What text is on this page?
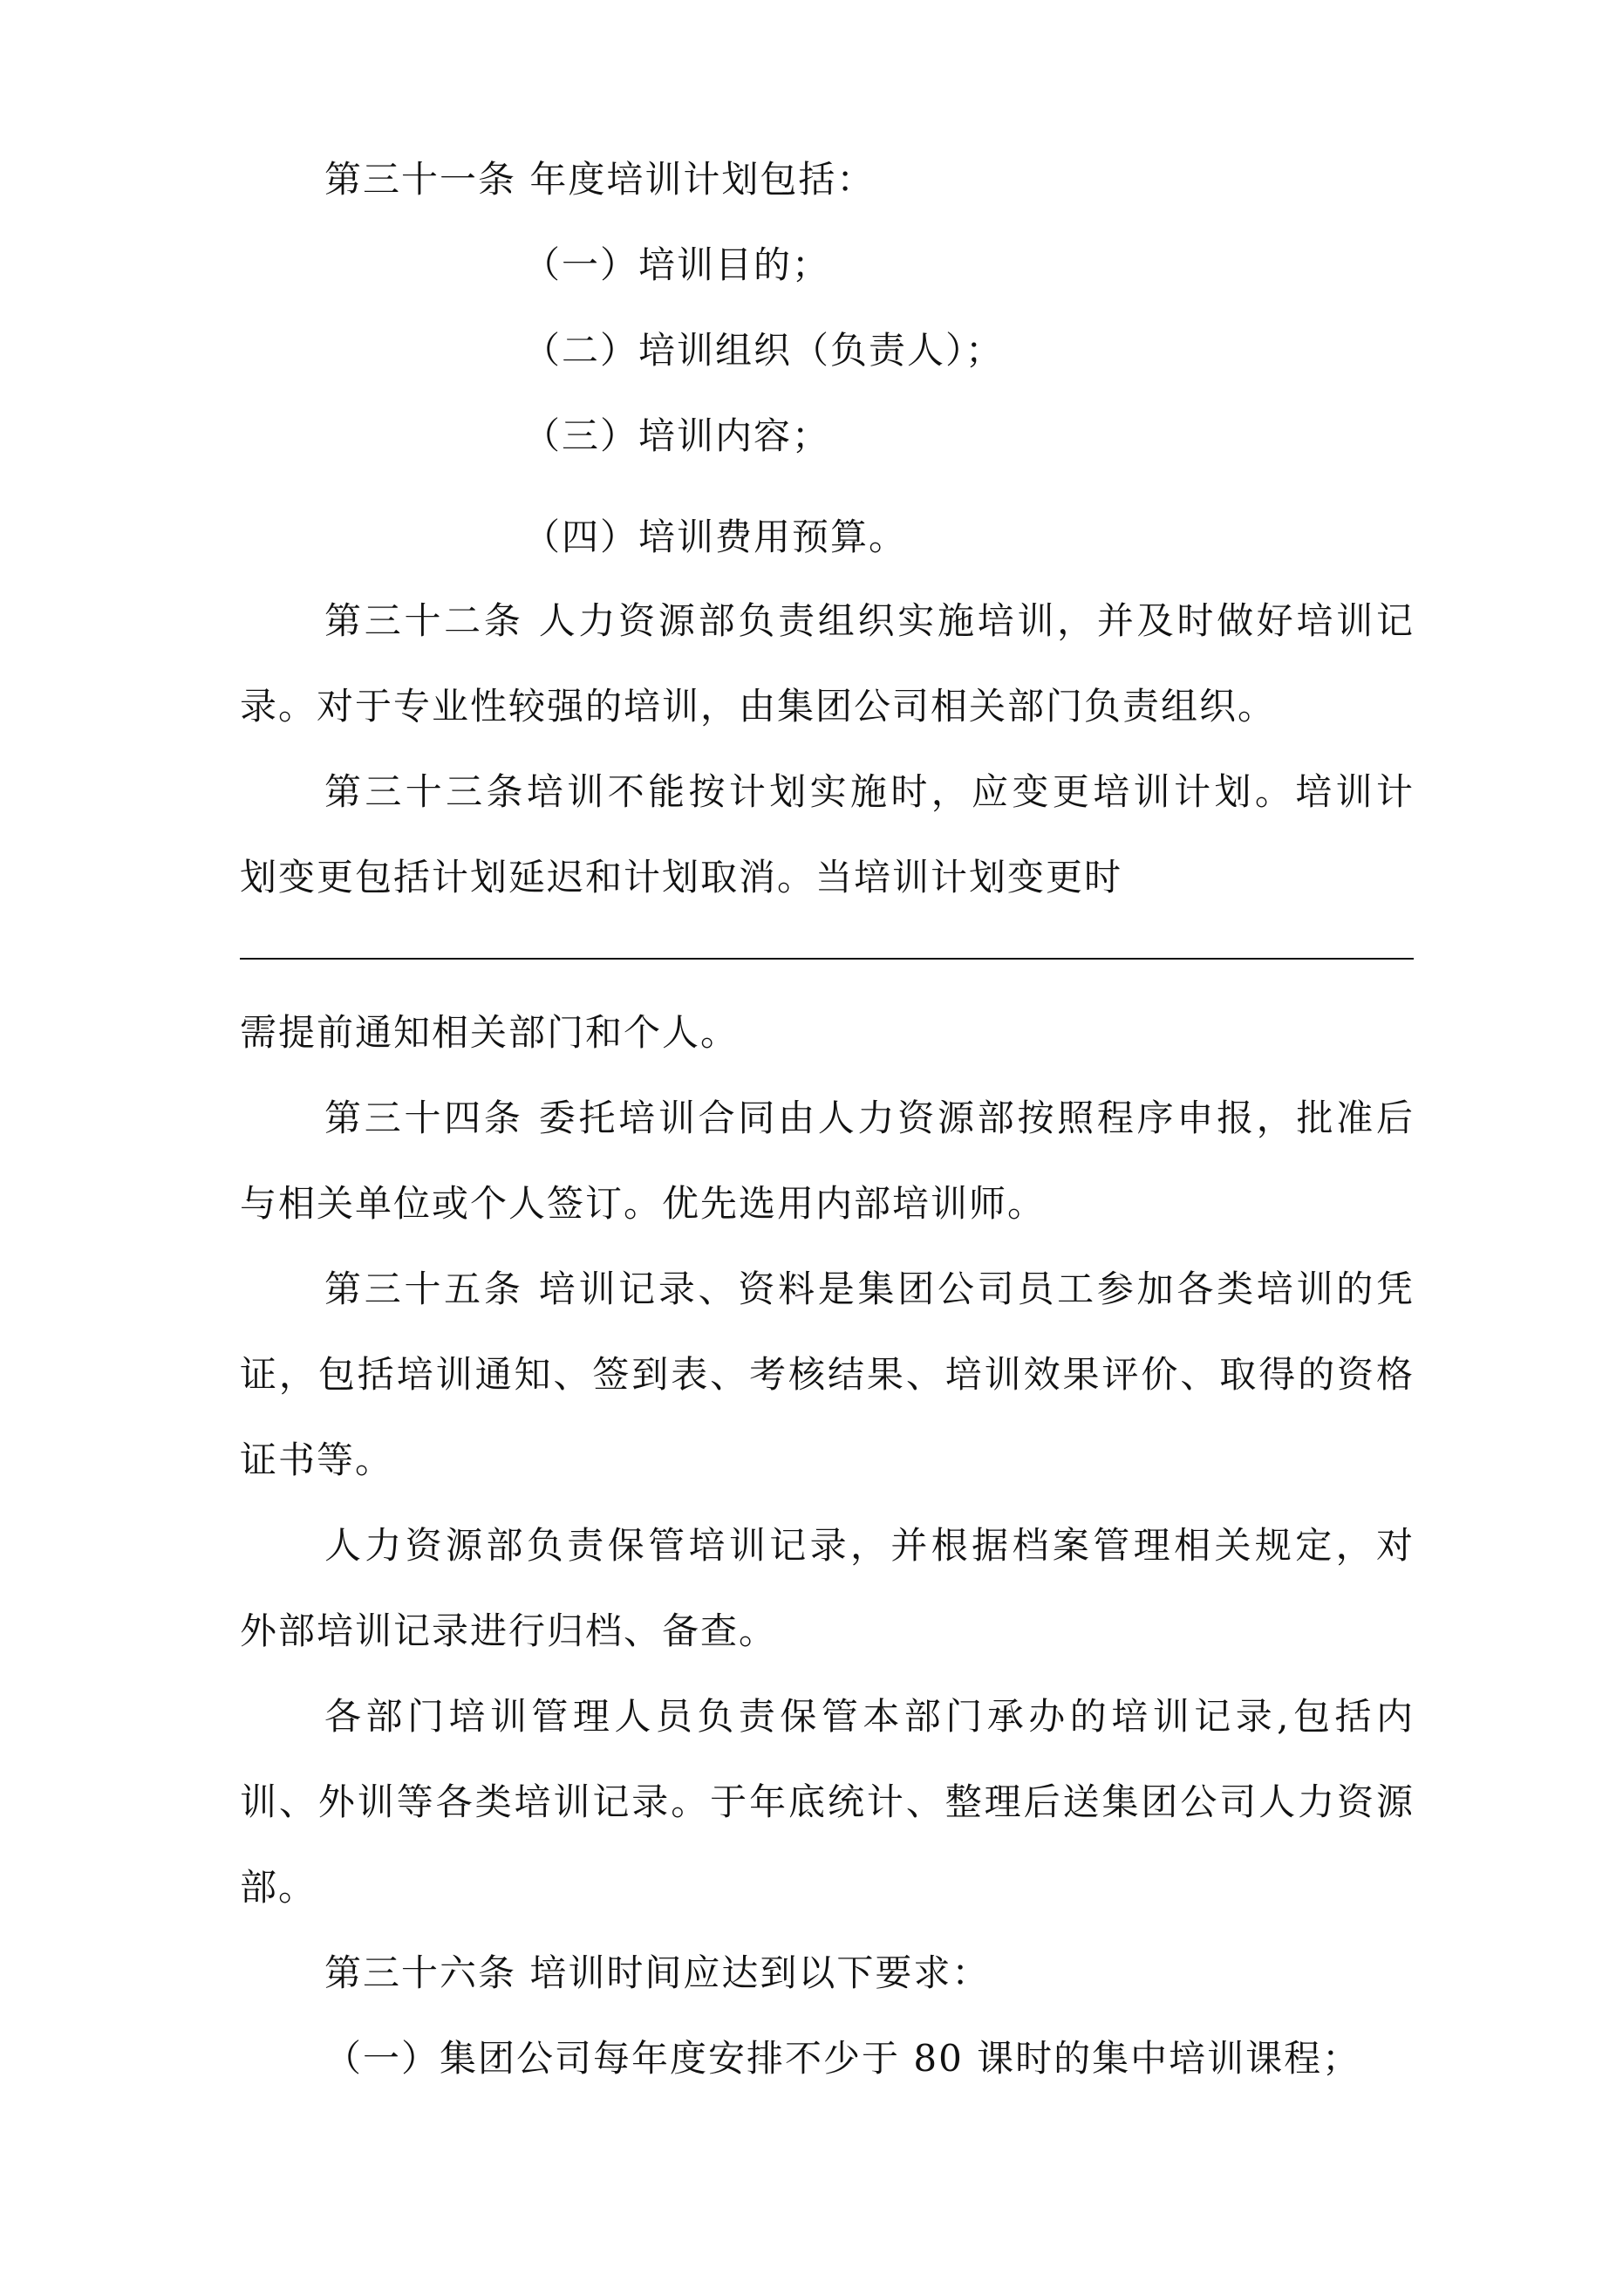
第三十一条 年度培训计划包括：
（一）培训目的；
（二）培训组织（负责人）；
（三）培训内容；
（四）培训费用预算。
第三十二条 人力资源部负责组织实施培训，并及时做好培训记
录。对于专业性较强的培训，由集团公司相关部门负责组织。
第三十三条培训不能按计划实施时，应变更培训计划。培训计
划变更包括计划延迟和计划取消。当培训计划变更时
需提前通知相关部门和个人。
第三十四条 委托培训合同由人力资源部按照程序申报，批准后
与相关单位或个人签订。优先选用内部培训师。
第三十五条 培训记录、资料是集团公司员工参加各类培训的凭
证，包括培训通知、签到表、考核结果、培训效果评价、取得的资格
证书等。
人力资源部负责保管培训记录，并根据档案管理相关规定，对
外部培训记录进行归档、备查。
各部门培训管理人员负责保管本部门承办的培训记录,包括内
训、外训等各类培训记录。于年底统计、整理后送集团公司人力资源
部。
第三十六条 培训时间应达到以下要求：
（一）集团公司每年度安排不少于 80 课时的集中培训课程；
